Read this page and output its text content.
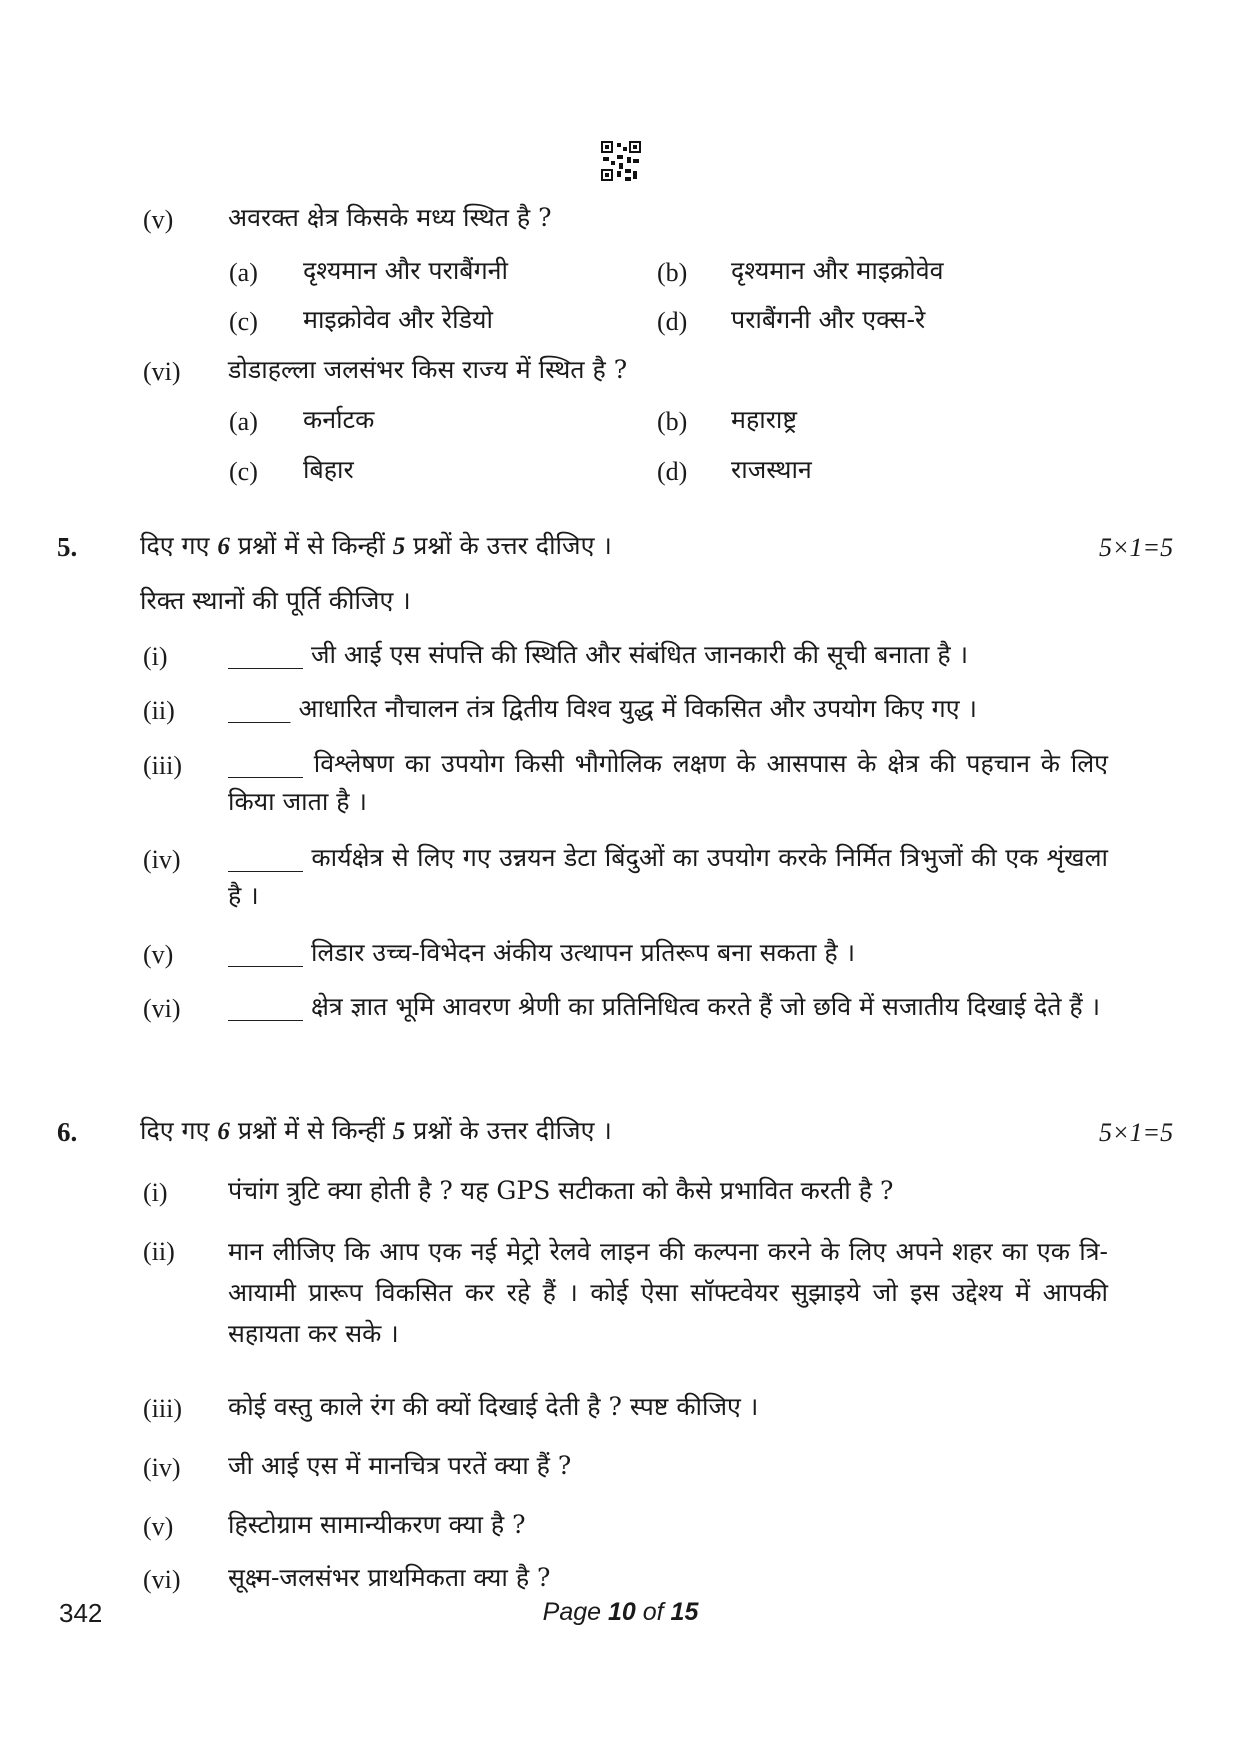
(v) अवरक्त क्षेत्र किसके मध्य स्थित है ?
(a) दृश्यमान और पराबैंगनी	(b) दृश्यमान और माइक्रोवेव
(c) माइक्रोवेव और रेडियो	(d) पराबैंगनी और एक्स-रे
(vi) डोडाहल्ला जलसंभर किस राज्य में स्थित है ?
(a) कर्नाटक	(b) महाराष्ट्र
(c) बिहार	(d) राजस्थान
5.	दिए गए 6 प्रश्नों में से किन्हीं 5 प्रश्नों के उत्तर दीजिए ।	5×1=5
रिक्त स्थानों की पूर्ति कीजिए ।
(i) ______ जी आई एस संपत्ति की स्थिति और संबंधित जानकारी की सूची बनाता है ।
(ii) _____ आधारित नौचालन तंत्र द्वितीय विश्व युद्ध में विकसित और उपयोग किए गए ।
(iii) ______ विश्लेषण का उपयोग किसी भौगोलिक लक्षण के आसपास के क्षेत्र की पहचान के लिए किया जाता है ।
(iv) ______ कार्यक्षेत्र से लिए गए उन्नयन डेटा बिंदुओं का उपयोग करके निर्मित त्रिभुजों की एक शृंखला है ।
(v) ______ लिडार उच्च-विभेदन अंकीय उत्थापन प्रतिरूप बना सकता है ।
(vi) ______ क्षेत्र ज्ञात भूमि आवरण श्रेणी का प्रतिनिधित्व करते हैं जो छवि में सजातीय दिखाई देते हैं ।
6.	दिए गए 6 प्रश्नों में से किन्हीं 5 प्रश्नों के उत्तर दीजिए ।	5×1=5
(i) पंचांग त्रुटि क्या होती है ? यह GPS सटीकता को कैसे प्रभावित करती है ?
(ii) मान लीजिए कि आप एक नई मेट्रो रेलवे लाइन की कल्पना करने के लिए अपने शहर का एक त्रि-आयामी प्रारूप विकसित कर रहे हैं । कोई ऐसा सॉफ्टवेयर सुझाइये जो इस उद्देश्य में आपकी सहायता कर सके ।
(iii) कोई वस्तु काले रंग की क्यों दिखाई देती है ? स्पष्ट कीजिए ।
(iv) जी आई एस में मानचित्र परतें क्या हैं ?
(v) हिस्टोग्राम सामान्यीकरण क्या है ?
(vi) सूक्ष्म-जलसंभर प्राथमिकता क्या है ?
342	Page 10 of 15
